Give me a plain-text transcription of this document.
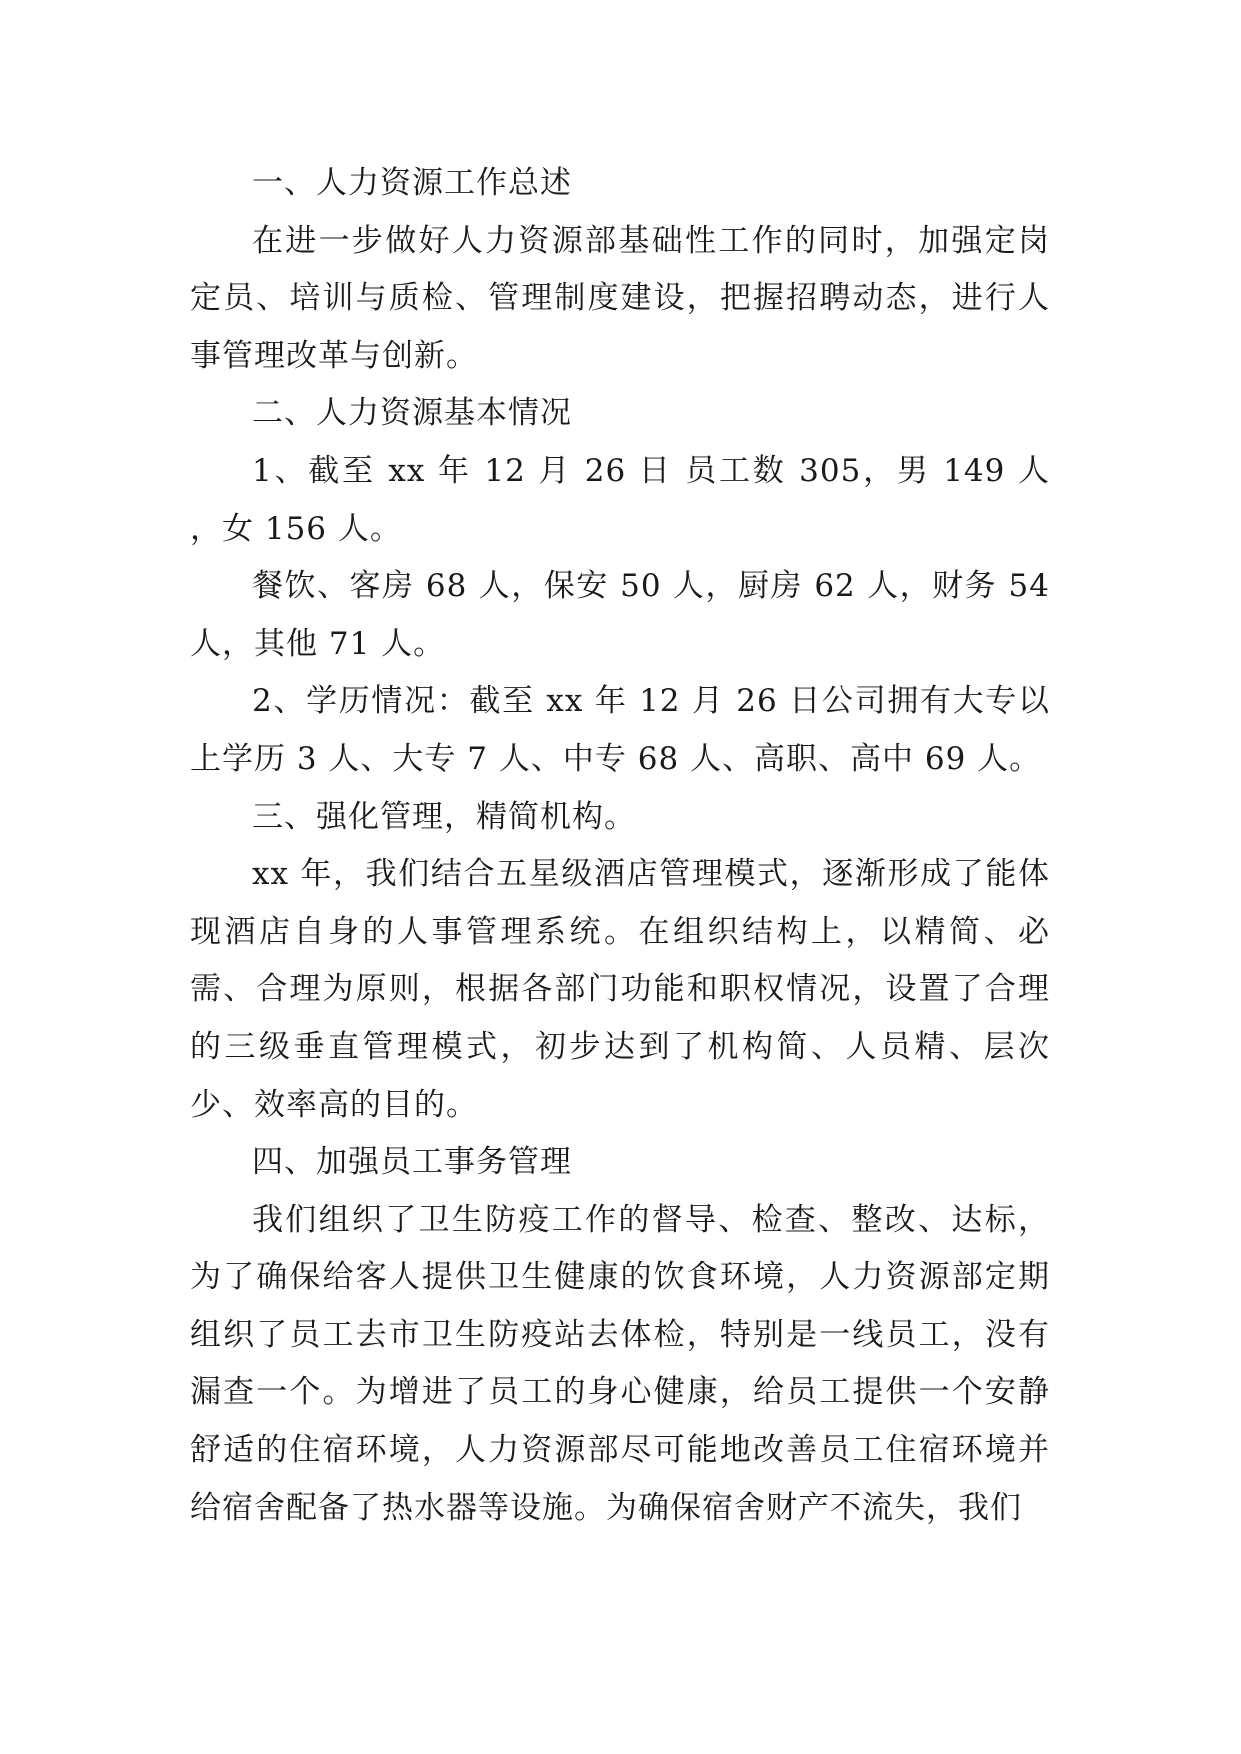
一、人力资源工作总述

在进一步做好人力资源部基础性工作的同时，加强定岗定员、培训与质检、管理制度建设，把握招聘动态，进行人事管理改革与创新。

二、人力资源基本情况

1、截至 xx 年 12 月 26 日 员工数 305，男 149 人 ，女 156 人。

餐饮、客房 68 人，保安 50 人，厨房 62 人，财务 54 人，其他 71 人。

2、学历情况：截至 xx 年 12 月 26 日公司拥有大专以上学历 3 人、大专 7 人、中专 68 人、高职、高中 69 人。

三、强化管理，精简机构。

xx 年，我们结合五星级酒店管理模式，逐渐形成了能体现酒店自身的人事管理系统。在组织结构上，以精简、必需、合理为原则，根据各部门功能和职权情况，设置了合理的三级垂直管理模式，初步达到了机构简、人员精、层次少、效率高的目的。

四、加强员工事务管理

我们组织了卫生防疫工作的督导、检查、整改、达标，为了确保给客人提供卫生健康的饮食环境，人力资源部定期组织了员工去市卫生防疫站去体检，特别是一线员工，没有漏查一个。为增进了员工的身心健康，给员工提供一个安静舒适的住宿环境，人力资源部尽可能地改善员工住宿环境并给宿舍配备了热水器等设施。为确保宿舍财产不流失，我们
